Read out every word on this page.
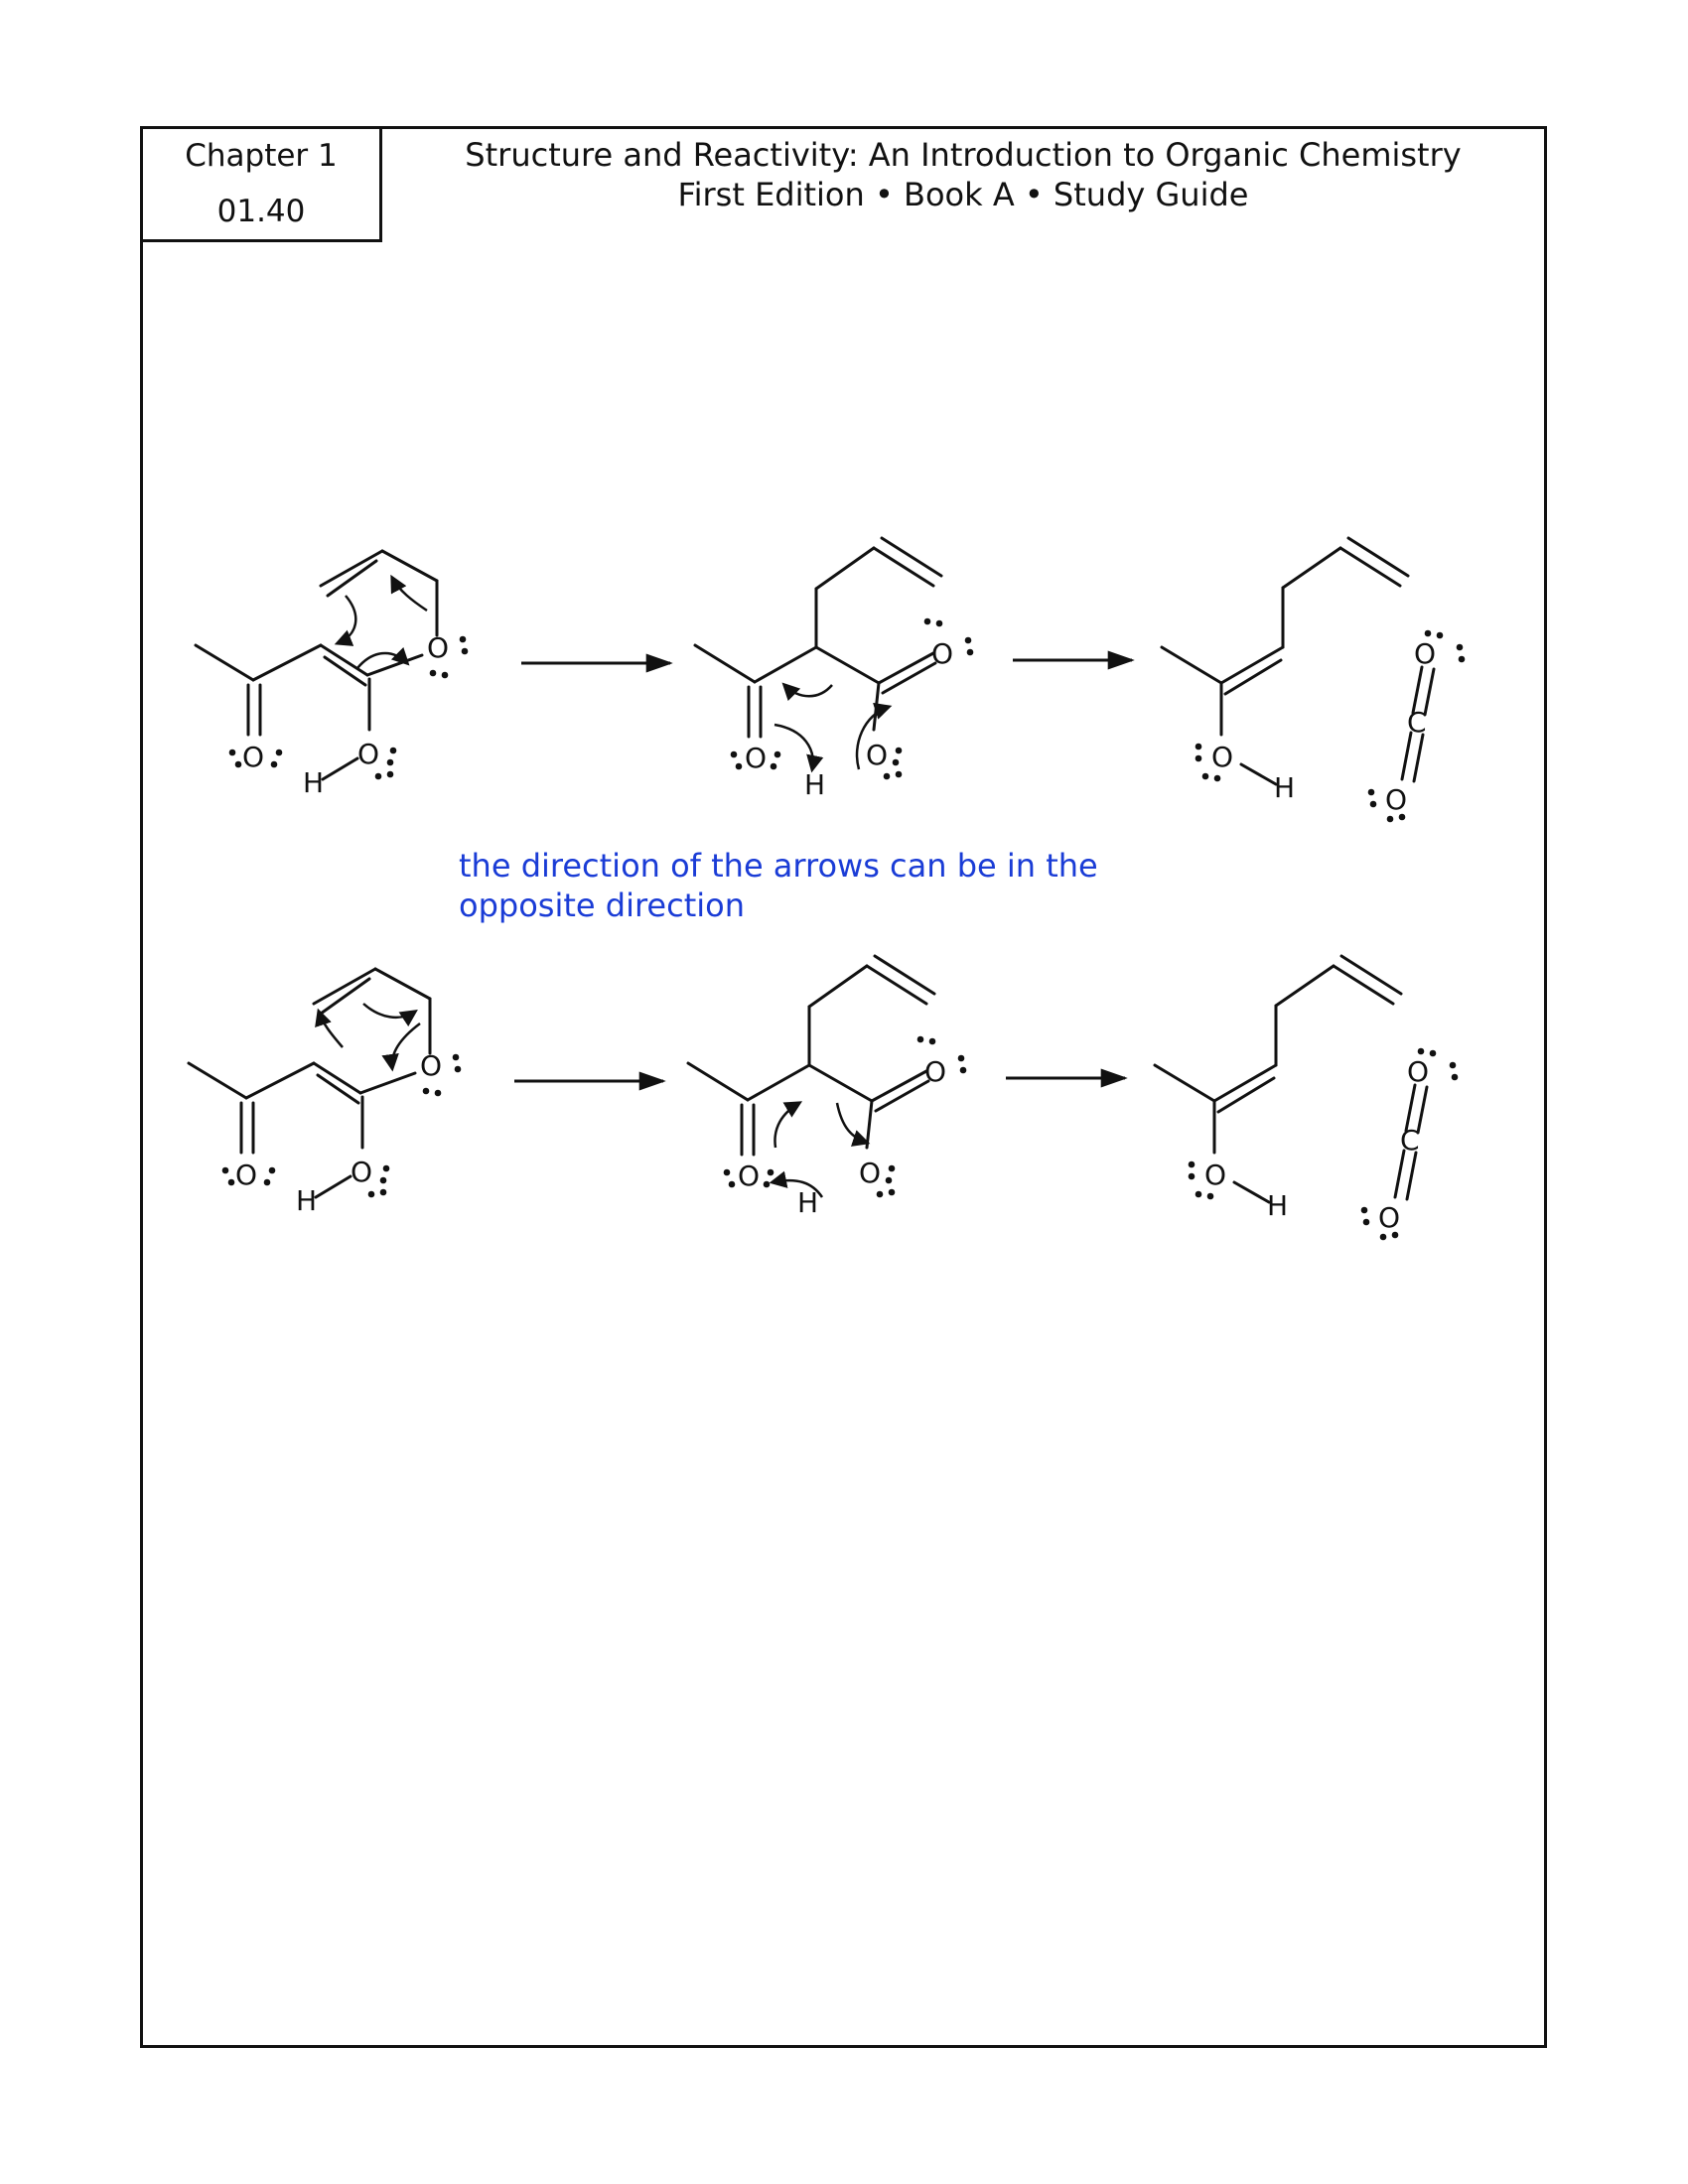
Chapter 1
01.40
Structure and Reactivity: An Introduction to Organic Chemistry
First Edition • Book A • Study Guide
the direction of the arrows can be in the
opposite direction
